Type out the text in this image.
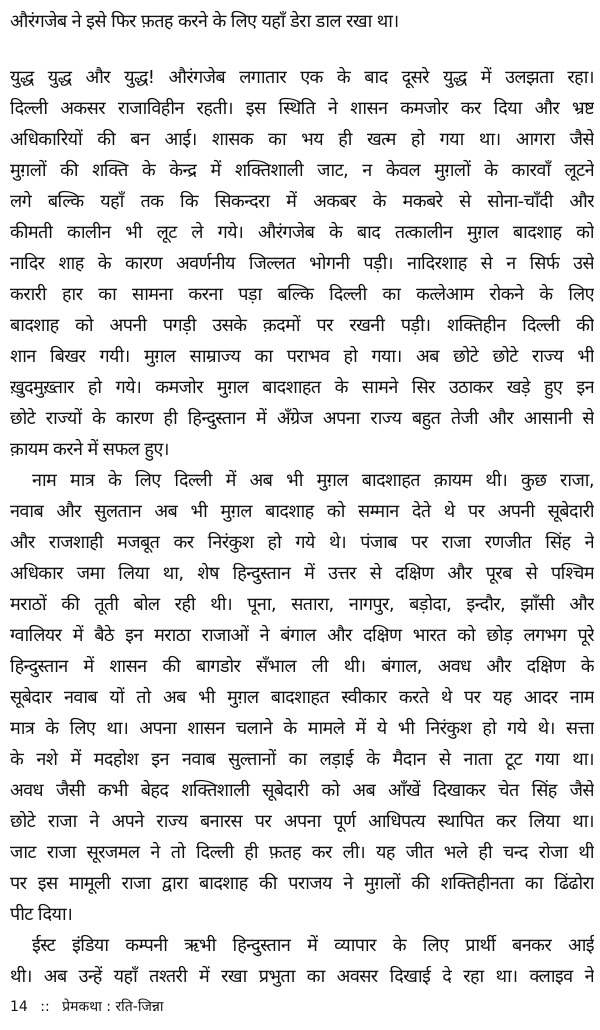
औरंगजेब ने इसे फिर फ़तह करने के लिए यहाँ डेरा डाल रखा था।
युद्ध युद्ध और युद्ध! औरंगजेब लगातार एक के बाद दूसरे युद्ध में उलझता रहा।
दिल्ली अकसर राजाविहीन रहती। इस स्थिति ने शासन कमजोर कर दिया और भ्रष्ट
अधिकारियों की बन आई। शासक का भय ही खत्म हो गया था। आगरा जैसे
मुग़लों की शक्ति के केन्द्र में शक्तिशाली जाट, न केवल मुग़लों के कारवाँ लूटने
लगे बल्कि यहाँ तक कि सिकन्दरा में अकबर के मकबरे से सोना-चाँदी और
कीमती कालीन भी लूट ले गये। औरंगजेब के बाद तत्कालीन मुग़ल बादशाह को
नादिर शाह के कारण अवर्णनीय जिल्लत भोगनी पड़ी। नादिरशाह से न सिर्फ उसे
करारी हार का सामना करना पड़ा बल्कि दिल्ली का कत्लेआम रोकने के लिए
बादशाह को अपनी पगड़ी उसके क़दमों पर रखनी पड़ी। शक्तिहीन दिल्ली की
शान बिखर गयी। मुग़ल साम्राज्य का पराभव हो गया। अब छोटे छोटे राज्य भी
ख़ुदमुख़्तार हो गये। कमजोर मुग़ल बादशाहत के सामने सिर उठाकर खड़े हुए इन
छोटे राज्यों के कारण ही हिन्दुस्तान में अँग्रेज अपना राज्य बहुत तेजी और आसानी से
क़ायम करने में सफल हुए।
नाम मात्र के लिए दिल्ली में अब भी मुग़ल बादशाहत क़ायम थी। कुछ राजा,
नवाब और सुलतान अब भी मुग़ल बादशाह को सम्मान देते थे पर अपनी सूबेदारी
और राजशाही मजबूत कर निरंकुश हो गये थे। पंजाब पर राजा रणजीत सिंह ने
अधिकार जमा लिया था, शेष हिन्दुस्तान में उत्तर से दक्षिण और पूरब से पश्चिम
मराठों की तूती बोल रही थी। पूना, सतारा, नागपुर, बड़ोदा, इन्दौर, झाँसी और
ग्वालियर में बैठे इन मराठा राजाओं ने बंगाल और दक्षिण भारत को छोड़ लगभग पूरे
हिन्दुस्तान में शासन की बागडोर सँभाल ली थी। बंगाल, अवध और दक्षिण के
सूबेदार नवाब यों तो अब भी मुग़ल बादशाहत स्वीकार करते थे पर यह आदर नाम
मात्र के लिए था। अपना शासन चलाने के मामले में ये भी निरंकुश हो गये थे। सत्ता
के नशे में मदहोश इन नवाब सुल्तानों का लड़ाई के मैदान से नाता टूट गया था।
अवध जैसी कभी बेहद शक्तिशाली सूबेदारी को अब आँखें दिखाकर चेत सिंह जैसे
छोटे राजा ने अपने राज्य बनारस पर अपना पूर्ण आधिपत्य स्थापित कर लिया था।
जाट राजा सूरजमल ने तो दिल्ली ही फ़तह कर ली। यह जीत भले ही चन्द रोजा थी
पर इस मामूली राजा द्वारा बादशाह की पराजय ने मुग़लों की शक्तिहीनता का ढिंढोरा
पीट दिया।
ईस्ट इंडिया कम्पनी ऋभी हिन्दुस्तान में व्यापार के लिए प्रार्थी बनकर आई
थी। अब उन्हें यहाँ तश्तरी में रखा प्रभुता का अवसर दिखाई दे रहा था। क्लाइव ने
14 :: प्रेमकथा : रति-जिन्ना
